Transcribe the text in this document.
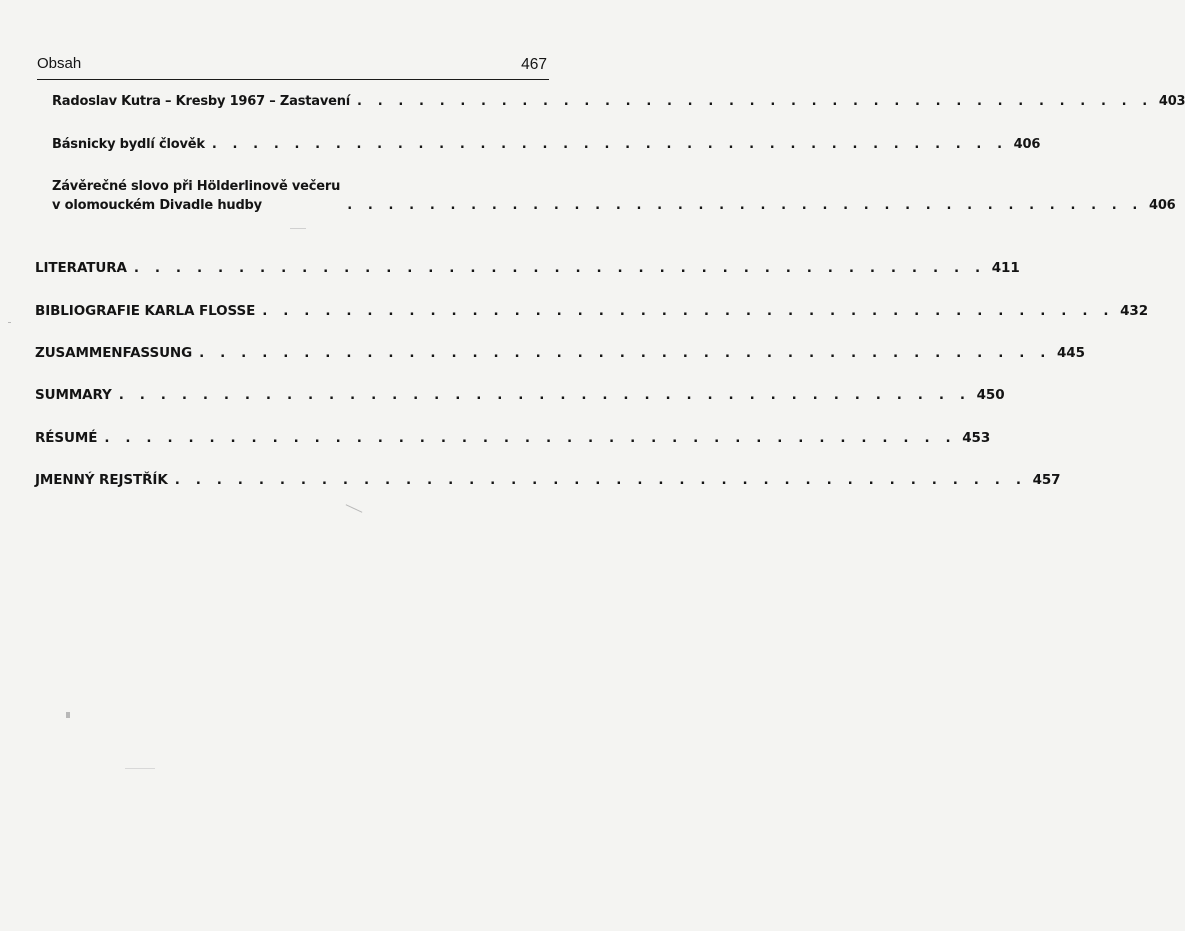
Obsah	467
Radoslav Kutra – Kresby 1967 – Zastavení . . . . . . . . . . . . . . . . . . . . . . . . . . . . . . . . . . . . . . . 403
Básnicky bydlí člověk . . . . . . . . . . . . . . . . . . . . . . . . . . . . . . . . . . . . . . . 406
Závěrečné slovo při Hölderlinově večeru
v olomouckém Divadle hudby	. . . . . . . . . . . . . . . . . . . . . . . . . . . . . . . . . . . . . . . 406
LITERATURA . . . . . . . . . . . . . . . . . . . . . . . . . . . . . . . . . . . . . . . . . 411
BIBLIOGRAFIE KARLA FLOSSE . . . . . . . . . . . . . . . . . . . . . . . . . . . . . . . . . . . . . . . . . 432
ZUSAMMENFASSUNG . . . . . . . . . . . . . . . . . . . . . . . . . . . . . . . . . . . . . . . . . 445
SUMMARY . . . . . . . . . . . . . . . . . . . . . . . . . . . . . . . . . . . . . . . . . 450
RÉSUMÉ . . . . . . . . . . . . . . . . . . . . . . . . . . . . . . . . . . . . . . . . . 453
JMENNÝ REJSTŘÍK . . . . . . . . . . . . . . . . . . . . . . . . . . . . . . . . . . . . . . . . . 457
